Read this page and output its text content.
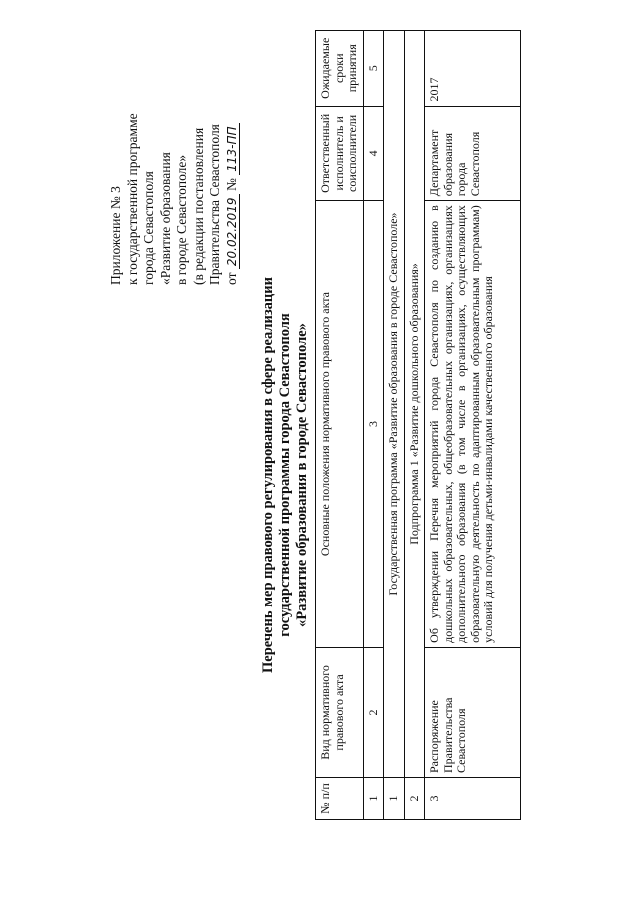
Приложение № 3 к государственной программе города Севастополя «Развитие образования в городе Севастополе» (в редакции постановления Правительства Севастополя от 20.02.2019 № 113-ПП
Перечень мер правового регулирования в сфере реализации государственной программы города Севастополя «Развитие образования в городе Севастополе»
№ п/п	Вид нормативного правового акта	Основные положения нормативного правового акта	Ответственный исполнитель и соисполнители	Ожидаемые сроки принятия
1	2	3	4	5
1	Государственная программа «Развитие образования в городе Севастополе»			
2	Подпрограмма 1 «Развитие дошкольного образования»			
3	Распоряжение Правительства Севастополя	Об утверждении Перечня мероприятий города Севастополя по созданию в дошкольных образовательных, общеобразовательных организациях, организациях дополнительного образования (в том числе в организациях, осуществляющих образовательную деятельность по адаптированным образовательным программам) условий для получения детьми-инвалидами качественного образования	Департамент образования города Севастополя	2017
